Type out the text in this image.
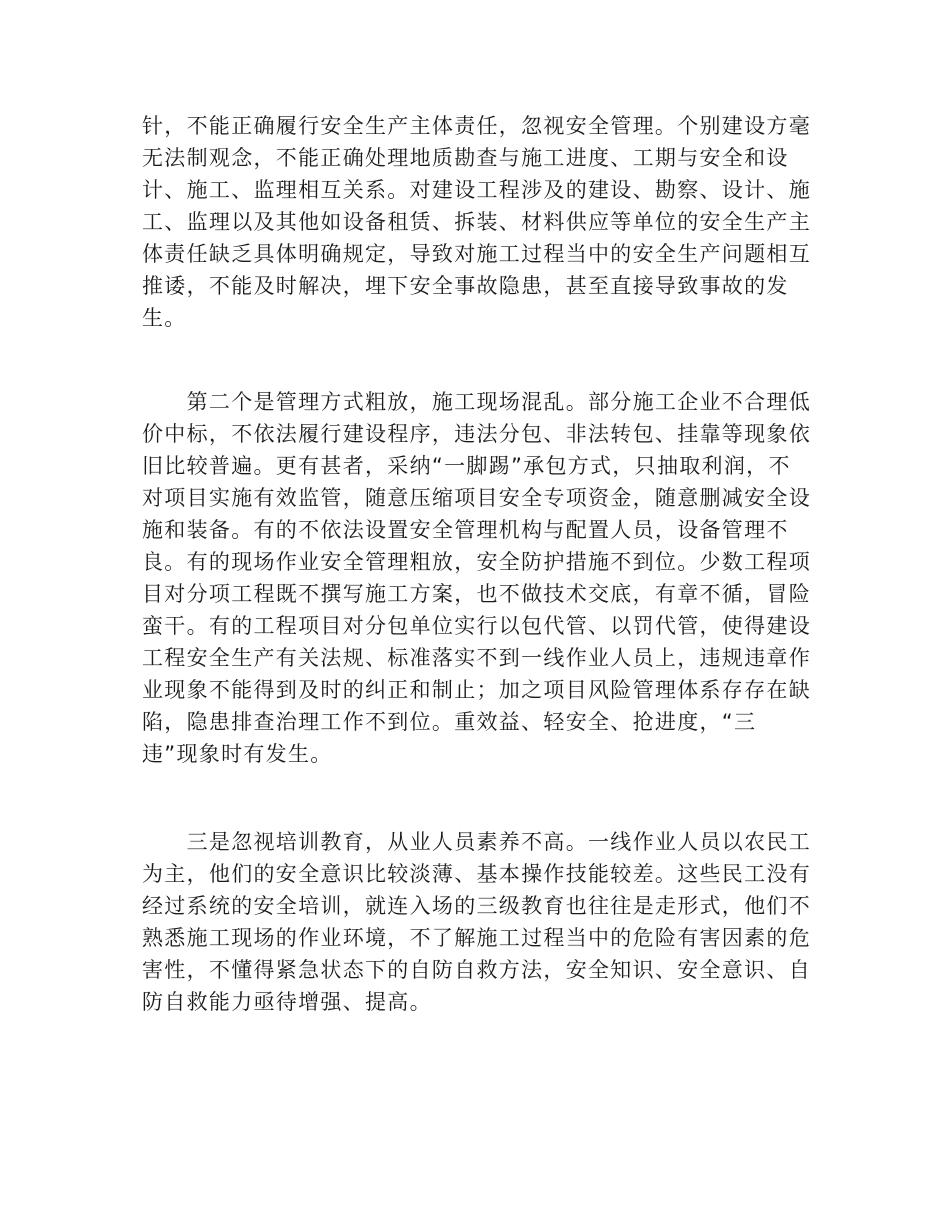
针，不能正确履行安全生产主体责任，忽视安全管理。个别建设方毫
无法制观念，不能正确处理地质勘查与施工进度、工期与安全和设
计、施工、监理相互关系。对建设工程涉及的建设、勘察、设计、施
工、监理以及其他如设备租赁、拆装、材料供应等单位的安全生产主
体责任缺乏具体明确规定，导致对施工过程当中的安全生产问题相互
推诿，不能及时解决，埋下安全事故隐患，甚至直接导致事故的发
生。
　　第二个是管理方式粗放，施工现场混乱。部分施工企业不合理低
价中标，不依法履行建设程序，违法分包、非法转包、挂靠等现象依
旧比较普遍。更有甚者，采纳“一脚踢”承包方式，只抽取利润，不
对项目实施有效监管，随意压缩项目安全专项资金，随意删减安全设
施和装备。有的不依法设置安全管理机构与配置人员，设备管理不
良。有的现场作业安全管理粗放，安全防护措施不到位。少数工程项
目对分项工程既不撰写施工方案，也不做技术交底，有章不循，冒险
蛮干。有的工程项目对分包单位实行以包代管、以罚代管，使得建设
工程安全生产有关法规、标准落实不到一线作业人员上，违规违章作
业现象不能得到及时的纠正和制止；加之项目风险管理体系存存在缺
陷，隐患排查治理工作不到位。重效益、轻安全、抢进度，“三
违”现象时有发生。
　　三是忽视培训教育，从业人员素养不高。一线作业人员以农民工
为主，他们的安全意识比较淡薄、基本操作技能较差。这些民工没有
经过系统的安全培训，就连入场的三级教育也往往是走形式，他们不
熟悉施工现场的作业环境，不了解施工过程当中的危险有害因素的危
害性，不懂得紧急状态下的自防自救方法，安全知识、安全意识、自
防自救能力亟待增强、提高。
